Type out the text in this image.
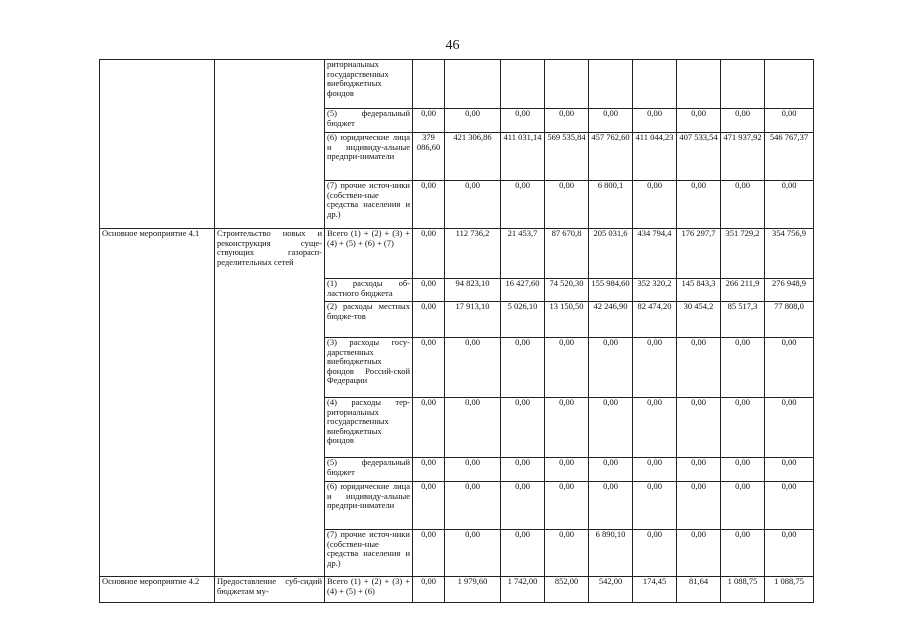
46
		риториальных государственных внебюджетных фондов									
		(5) федеральный бюджет	0,00	0,00	0,00	0,00	0,00	0,00	0,00	0,00	0,00
		(6) юридические лица и индивиду-альные предпри-ниматели	379 086,60	421 306,86	411 031,14	569 535,84	457 762,60	411 044,23	407 533,54	471 937,92	546 767,37
		(7) прочие источ-ники (собствен-ные средства населения и др.)	0,00	0,00	0,00	0,00	6 800,1	0,00	0,00	0,00	0,00
Основное мероприятие 4.1	Строительство новых и реконструкция суще-ствующих газорасп-ределительных сетей	Всего (1) + (2) + (3) + (4) + (5) + (6) + (7)	0,00	112 736,2	21 453,7	87 670,8	205 031,6	434 794,4	176 297,7	351 729,2	354 756,9
		(1) расходы об-ластного бюджета	0,00	94 823,10	16 427,60	74 520,30	155 984,60	352 320,2	145 843,3	266 211,9	276 948,9
		(2) расходы местных бюдже-тов	0,00	17 913,10	5 026,10	13 150,50	42 246,90	82 474,20	30 454,2	85 517,3	77 808,0
		(3) расходы госу-дарственных внебюджетных фондов Россий-ской Федерации	0,00	0,00	0,00	0,00	0,00	0,00	0,00	0,00	0,00
		(4) расходы тер-риториальных государственных внебюджетных фондов	0,00	0,00	0,00	0,00	0,00	0,00	0,00	0,00	0,00
		(5) федеральный бюджет	0,00	0,00	0,00	0,00	0,00	0,00	0,00	0,00	0,00
		(6) юридические лица и индивиду-альные предпри-ниматели	0,00	0,00	0,00	0,00	0,00	0,00	0,00	0,00	0,00
		(7) прочие источ-ники (собствен-ные средства населения и др.)	0,00	0,00	0,00	0,00	6 890,10	0,00	0,00	0,00	0,00
Основное мероприятие 4.2	Предоставление суб-сидий бюджетам му-	Всего (1) + (2) + (3) + (4) + (5) + (6)	0,00	1 979,60	1 742,00	852,00	542,00	174,45	81,64	1 088,75	1 088,75
